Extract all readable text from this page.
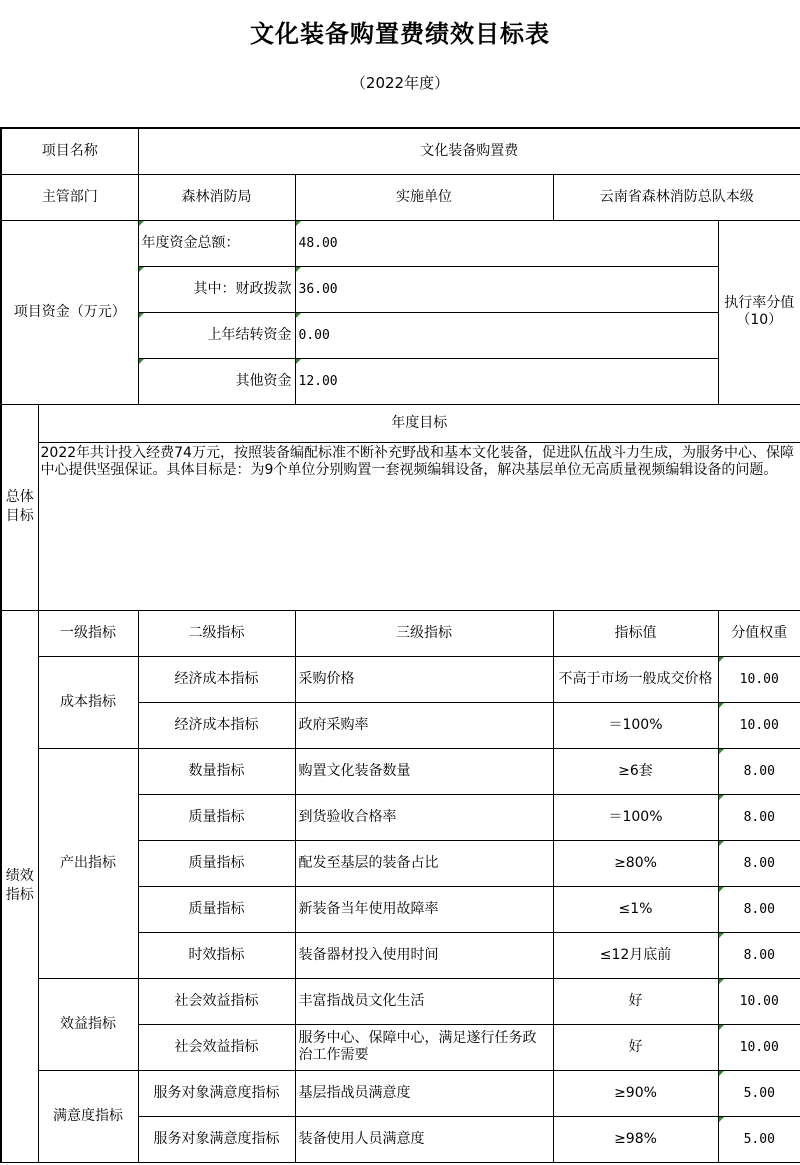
文化装备购置费绩效目标表
（2022年度）
项目名称		文化装备购置费			
主管部门		森林消防局	实施单位	云南省森林消防总队本级	
项目资金（万元）		年度资金总额：	48.00		执行率分值（10）
		其中：财政拨款	36.00		
		上年结转资金	0.00		
		其他资金	12.00		
总体目标	年度目标				
	2022年共计投入经费74万元，按照装备编配标准不断补充野战和基本文化装备，促进队伍战斗力生成，为服务中心、保障中心提供坚强保证。具体目标是：为9个单位分别购置一套视频编辑设备，解决基层单位无高质量视频编辑设备的问题。				
绩效指标	一级指标	二级指标	三级指标	指标值	分值权重
	成本指标	经济成本指标	采购价格	不高于市场一般成交价格	10.00
		经济成本指标	政府采购率	＝100%	10.00
	产出指标	数量指标	购置文化装备数量	≥6套	8.00
		质量指标	到货验收合格率	＝100%	8.00
		质量指标	配发至基层的装备占比	≥80%	8.00
		质量指标	新装备当年使用故障率	≤1%	8.00
		时效指标	装备器材投入使用时间	≤12月底前	8.00
	效益指标	社会效益指标	丰富指战员文化生活	好	10.00
		社会效益指标	服务中心、保障中心，满足遂行任务政治工作需要	好	10.00
	满意度指标	服务对象满意度指标	基层指战员满意度	≥90%	5.00
		服务对象满意度指标	装备使用人员满意度	≥98%	5.00
